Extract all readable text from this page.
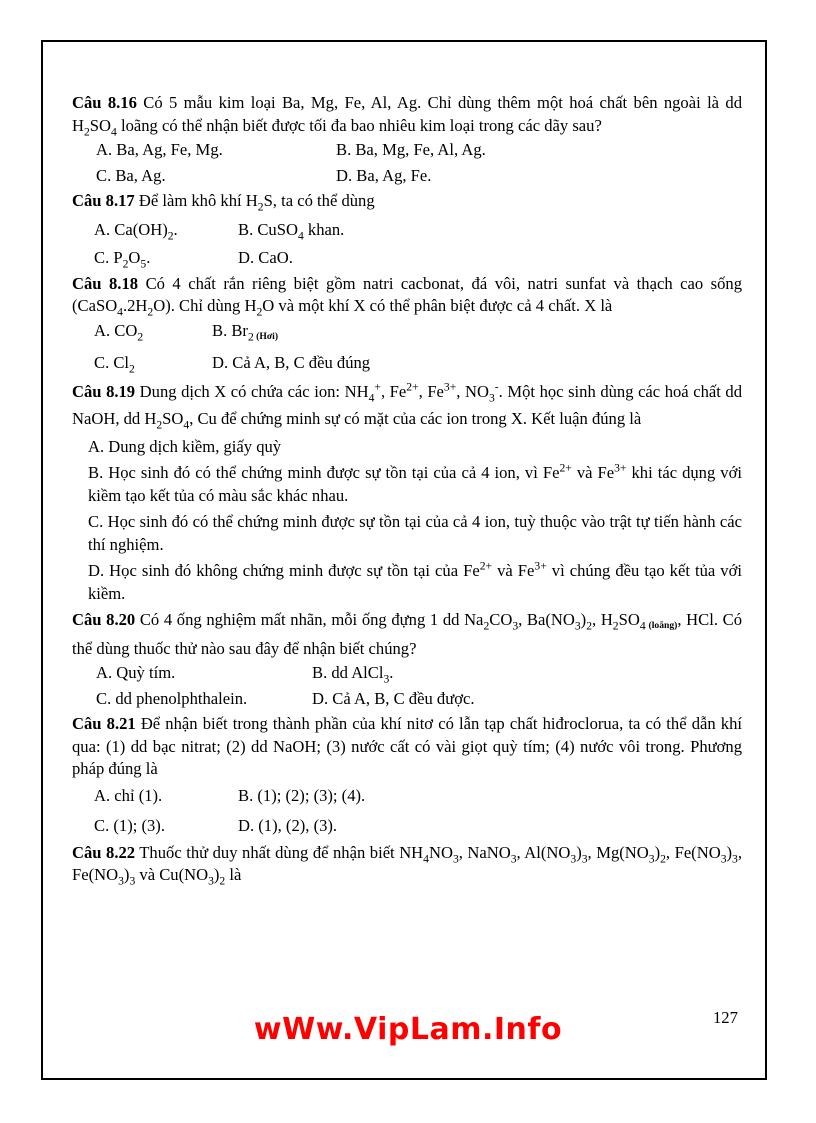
Câu 8.16 Có 5 mẫu kim loại Ba, Mg, Fe, Al, Ag. Chỉ dùng thêm một hoá chất bên ngoài là dd $H_2SO_4$ loãng có thể nhận biết được tối đa bao nhiêu kim loại trong các dãy sau?
A. Ba, Ag, Fe, Mg.	B. Ba, Mg, Fe, Al, Ag.
C. Ba, Ag.	D. Ba, Ag, Fe.
Câu 8.17 Để làm khô khí $H_2S$, ta có thể dùng
A. $Ca(OH)_2$.	B. CuSO$_4$ khan.
C. $P_2O_5$.	D. CaO.
Câu 8.18 Có 4 chất rắn riêng biệt gồm natri cacbonat, đá vôi, natri sunfat và thạch cao sống $(CaSO_4.2H_2O)$. Chỉ dùng $H_2O$ và một khí X có thể phân biệt được cả 4 chất. X là
A. $CO_2$	B. $Br_2$ (Hơi)
C. $Cl_2$	D. Cả A, B, C đều đúng
Câu 8.19 Dung dịch X có chứa các ion: $NH_4^+$, $Fe^{2+}$, $Fe^{3+}$, $NO_3^-$. Một học sinh dùng các hoá chất dd NaOH, dd $H_2SO_4$, Cu để chứng minh sự có mặt của các ion trong X. Kết luận đúng là
A. Dung dịch kiềm, giấy quỳ
B. Học sinh đó có thể chứng minh được sự tồn tại của cả 4 ion, vì $Fe^{2+}$ và $Fe^{3+}$ khi tác dụng với kiềm tạo kết tủa có màu sắc khác nhau.
C. Học sinh đó có thể chứng minh được sự tồn tại của cả 4 ion, tuỳ thuộc vào trật tự tiến hành các thí nghiệm.
D. Học sinh đó không chứng minh được sự tồn tại của $Fe^{2+}$ và $Fe^{3+}$ vì chúng đều tạo kết tủa với kiềm.
Câu 8.20 Có 4 ống nghiệm mất nhãn, mỗi ống đựng 1 dd $Na_2CO_3$, $Ba(NO_3)_2$, $H_2SO_4$ (loãng), HCl. Có thể dùng thuốc thử nào sau đây để nhận biết chúng?
A. Quỳ tím.	B. dd AlCl$_3$.
C. dd phenolphthalein.	D. Cả A, B, C đều được.
Câu 8.21 Để nhận biết trong thành phần của khí nitơ có lẫn tạp chất hiđroclorua, ta có thể dẫn khí qua: (1) dd bạc nitrat; (2) dd NaOH; (3) nước cất có vài giọt quỳ tím; (4) nước vôi trong. Phương pháp đúng là
A. chỉ (1).	B. (1); (2); (3); (4).
C. (1); (3).	D. (1), (2), (3).
Câu 8.22 Thuốc thử duy nhất dùng để nhận biết $NH_4NO_3$, NaNO$_3$, $Al(NO_3)_3$, $Mg(NO_3)_2$, $Fe(NO_3)_3$, $Fe(NO_3)_3$ và $Cu(NO_3)_2$ là
127
wWw.VipLam.Info
